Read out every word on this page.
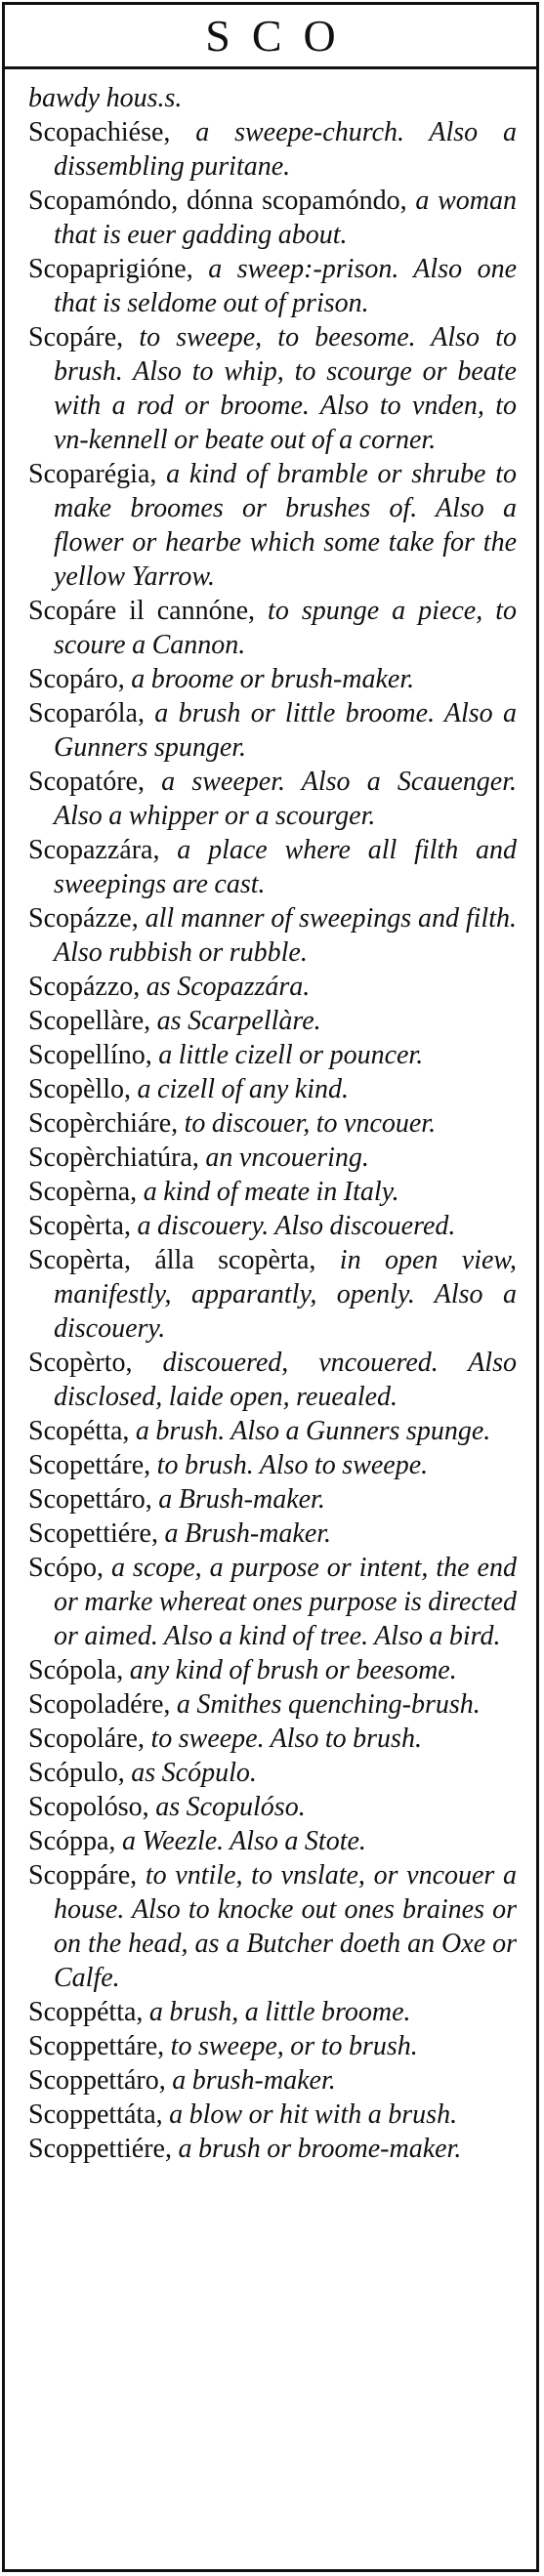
SCO

bawdy hous.s.

Scopachiése, a sweepe-church. Also a dissembling puritane.

Scopamóndo, dónna scopamóndo, a woman that is euer gadding about.

Scopaprigióne, a sweep:-prison. Also one that is seldome out of prison.

Scopáre, to sweepe, to beesome. Also to brush. Also to whip, to scourge or beate with a rod or broome. Also to vnden, to vn-kennell or beate out of a corner.

Scoparégia, a kind of bramble or shrube to make broomes or brushes of. Also a flower or hearbe which some take for the yellow Yarrow.

Scopáre il cannóne, to spunge a piece, to scoure a Cannon.

Scopáro, a broome or brush-maker.

Scoparóla, a brush or little broome. Also a Gunners spunger.

Scopatóre, a sweeper. Also a Scauenger. Also a whipper or a scourger.

Scopazzára, a place where all filth and sweepings are cast.

Scopázze, all manner of sweepings and filth. Also rubbish or rubble.

Scopázzo, as Scopazzára.

Scopellàre, as Scarpellàre.

Scopellíno, a little cizell or pouncer.

Scopèllo, a cizell of any kind.

Scopèrchiáre, to discouer, to vncouer.

Scopèrchiatúra, an vncouering.

Scopèrna, a kind of meate in Italy.

Scopèrta, a discouery. Also discouered.

Scopèrta, álla scopèrta, in open view, manifestly, apparantly, openly. Also a discouery.

Scopèrto, discouered, vncouered. Also disclosed, laide open, reuealed.

Scopétta, a brush. Also a Gunners spunge.

Scopettáre, to brush. Also to sweepe.

Scopettáro, a Brush-maker.

Scopettiére, a Brush-maker.

Scópo, a scope, a purpose or intent, the end or marke whereat ones purpose is directed or aimed. Also a kind of tree. Also a bird.

Scópola, any kind of brush or beesome.

Scopoladére, a Smithes quenching-brush.

Scopoláre, to sweepe. Also to brush.

Scópulo, as Scópulo.

Scopolóso, as Scopulóso.

Scóppa, a Weezle. Also a Stote.

Scoppáre, to vntile, to vnslate, or vncouer a house. Also to knocke out ones braines or on the head, as a Butcher doeth an Oxe or Calfe.

Scoppétta, a brush, a little broome.

Scoppettáre, to sweepe, or to brush.

Scoppettáro, a brush-maker.

Scoppettáta, a blow or hit with a brush.

Scoppettiére, a brush or broome-maker.
